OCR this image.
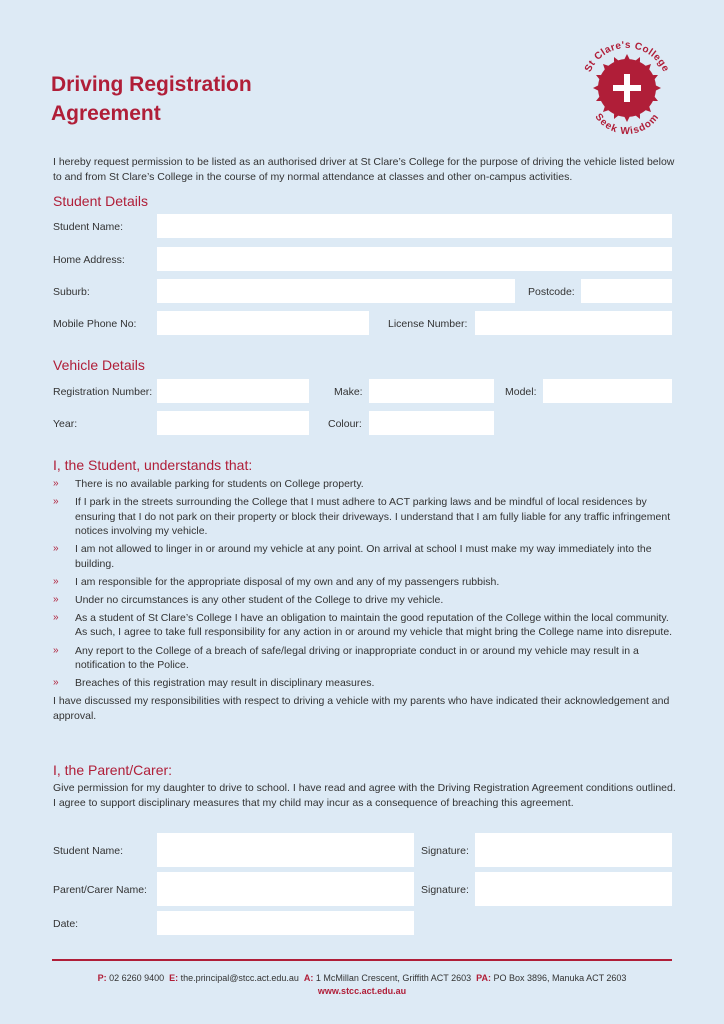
Driving Registration
Agreement
St Clare's College
Seek Wisdom
I hereby request permission to be listed as an authorised driver at St Clare’s College for the purpose of driving the vehicle listed below to and from St Clare’s College in the course of my normal attendance at classes and other on-campus activities.
Student Details
Student Name:
Home Address:
Suburb:	Postcode:
Mobile Phone No:	License Number:
Vehicle Details
Registration Number:	Make:	Model:
Year:	Colour:
I, the Student, understands that:
» There is no available parking for students on College property.
» If I park in the streets surrounding the College that I must adhere to ACT parking laws and be mindful of local residences by ensuring that I do not park on their property or block their driveways. I understand that I am fully liable for any traffic infringement notices involving my vehicle.
» I am not allowed to linger in or around my vehicle at any point. On arrival at school I must make my way immediately into the building.
» I am responsible for the appropriate disposal of my own and any of my passengers rubbish.
» Under no circumstances is any other student of the College to drive my vehicle.
» As a student of St Clare’s College I have an obligation to maintain the good reputation of the College within the local community. As such, I agree to take full responsibility for any action in or around my vehicle that might bring the College name into disrepute.
» Any report to the College of a breach of safe/legal driving or inappropriate conduct in or around my vehicle may result in a notification to the Police.
» Breaches of this registration may result in disciplinary measures.
I have discussed my responsibilities with respect to driving a vehicle with my parents who have indicated their acknowledgement and approval.
I, the Parent/Carer:
Give permission for my daughter to drive to school. I have read and agree with the Driving Registration Agreement conditions outlined. I agree to support disciplinary measures that my child may incur as a consequence of breaching this agreement.
Student Name:	Signature:
Parent/Carer Name:	Signature:
Date:
P: 02 6260 9400 E: the.principal@stcc.act.edu.au A: 1 McMillan Crescent, Griffith ACT 2603 PA: PO Box 3896, Manuka ACT 2603
www.stcc.act.edu.au
